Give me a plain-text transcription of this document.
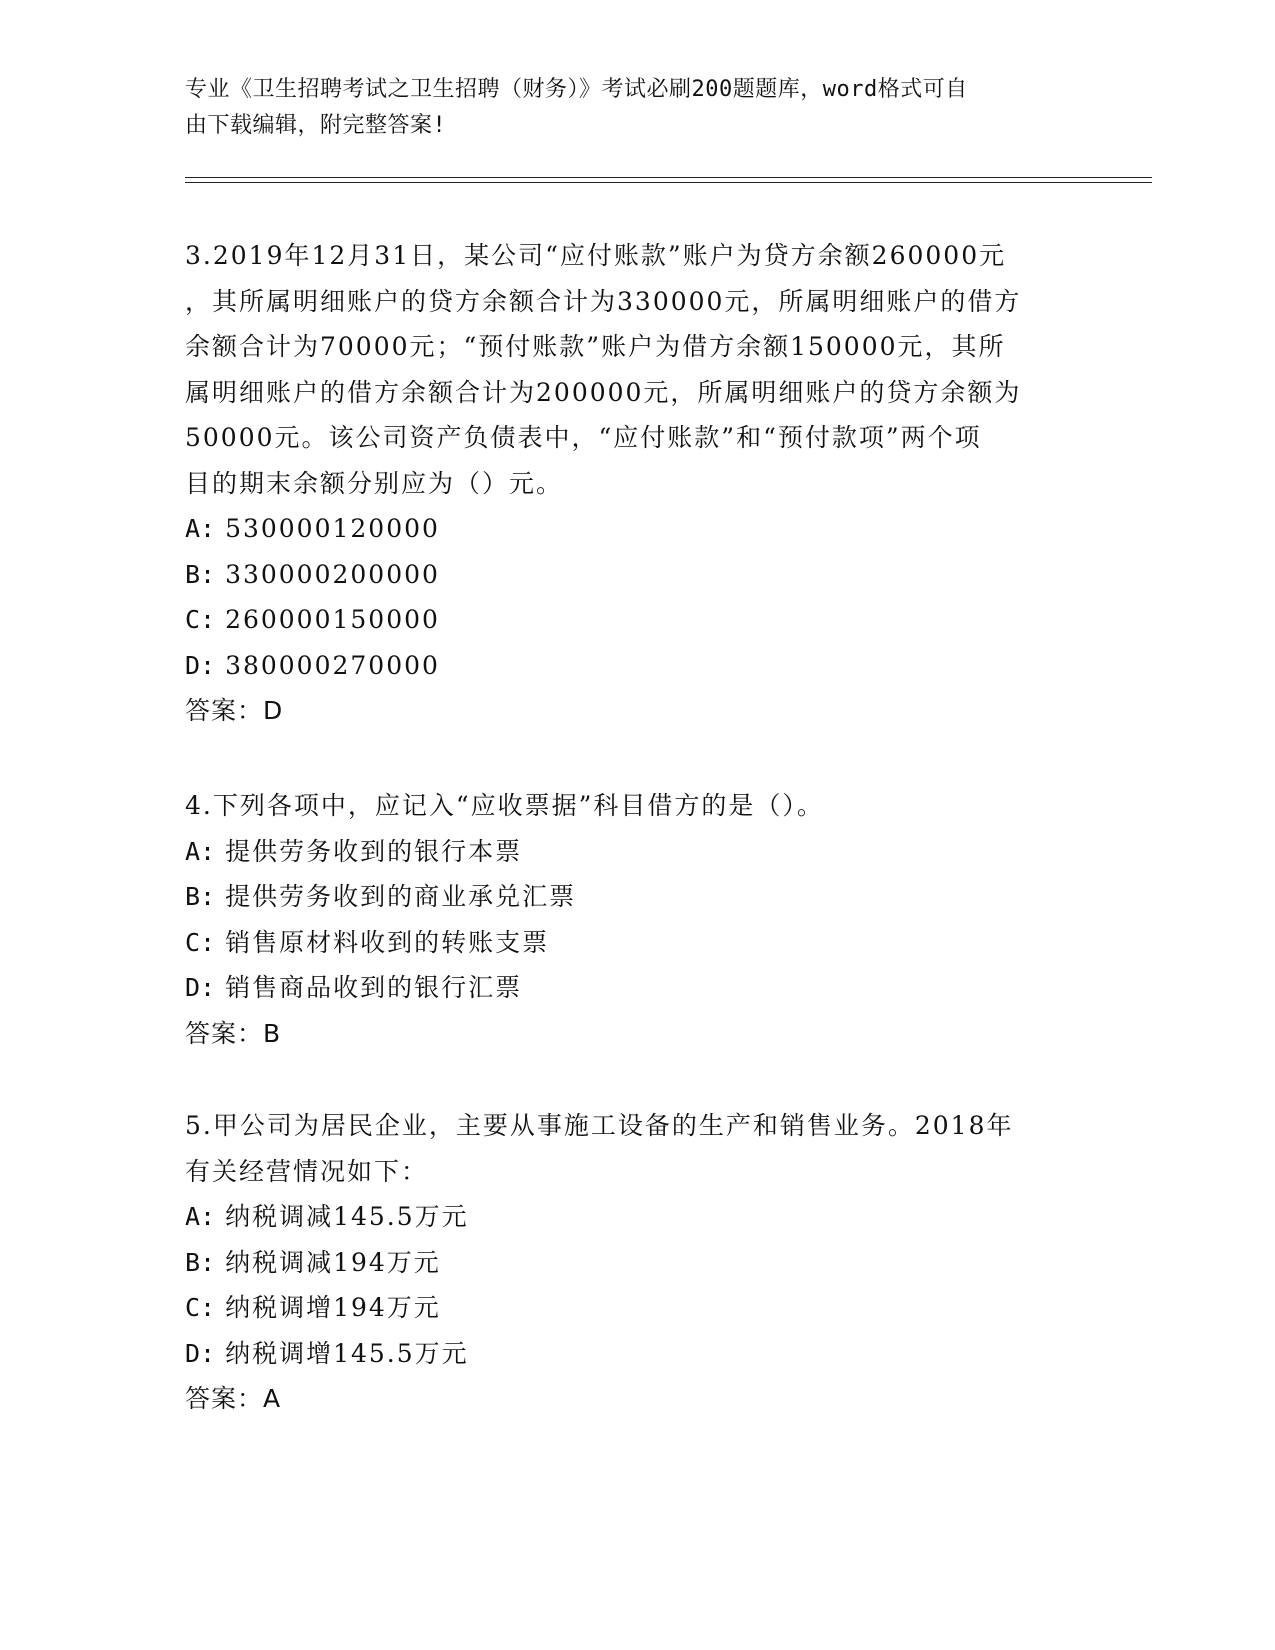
专业《卫生招聘考试之卫生招聘（财务）》考试必刷200题题库，word格式可自
由下载编辑，附完整答案!
3.2019年12月31日，某公司“应付账款”账户为贷方余额260000元
，其所属明细账户的贷方余额合计为330000元，所属明细账户的借方
余额合计为70000元；“预付账款”账户为借方余额150000元，其所
属明细账户的借方余额合计为200000元，所属明细账户的贷方余额为
50000元。该公司资产负债表中，“应付账款”和“预付款项”两个项
目的期末余额分别应为（）元。
A: 530000120000
B: 330000200000
C: 260000150000
D: 380000270000
答案：D
4.下列各项中，应记入“应收票据”科目借方的是（）。
A: 提供劳务收到的银行本票
B: 提供劳务收到的商业承兑汇票
C: 销售原材料收到的转账支票
D: 销售商品收到的银行汇票
答案：B
5.甲公司为居民企业，主要从事施工设备的生产和销售业务。2018年
有关经营情况如下：
A: 纳税调减145.5万元
B: 纳税调减194万元
C: 纳税调增194万元
D: 纳税调增145.5万元
答案：A
